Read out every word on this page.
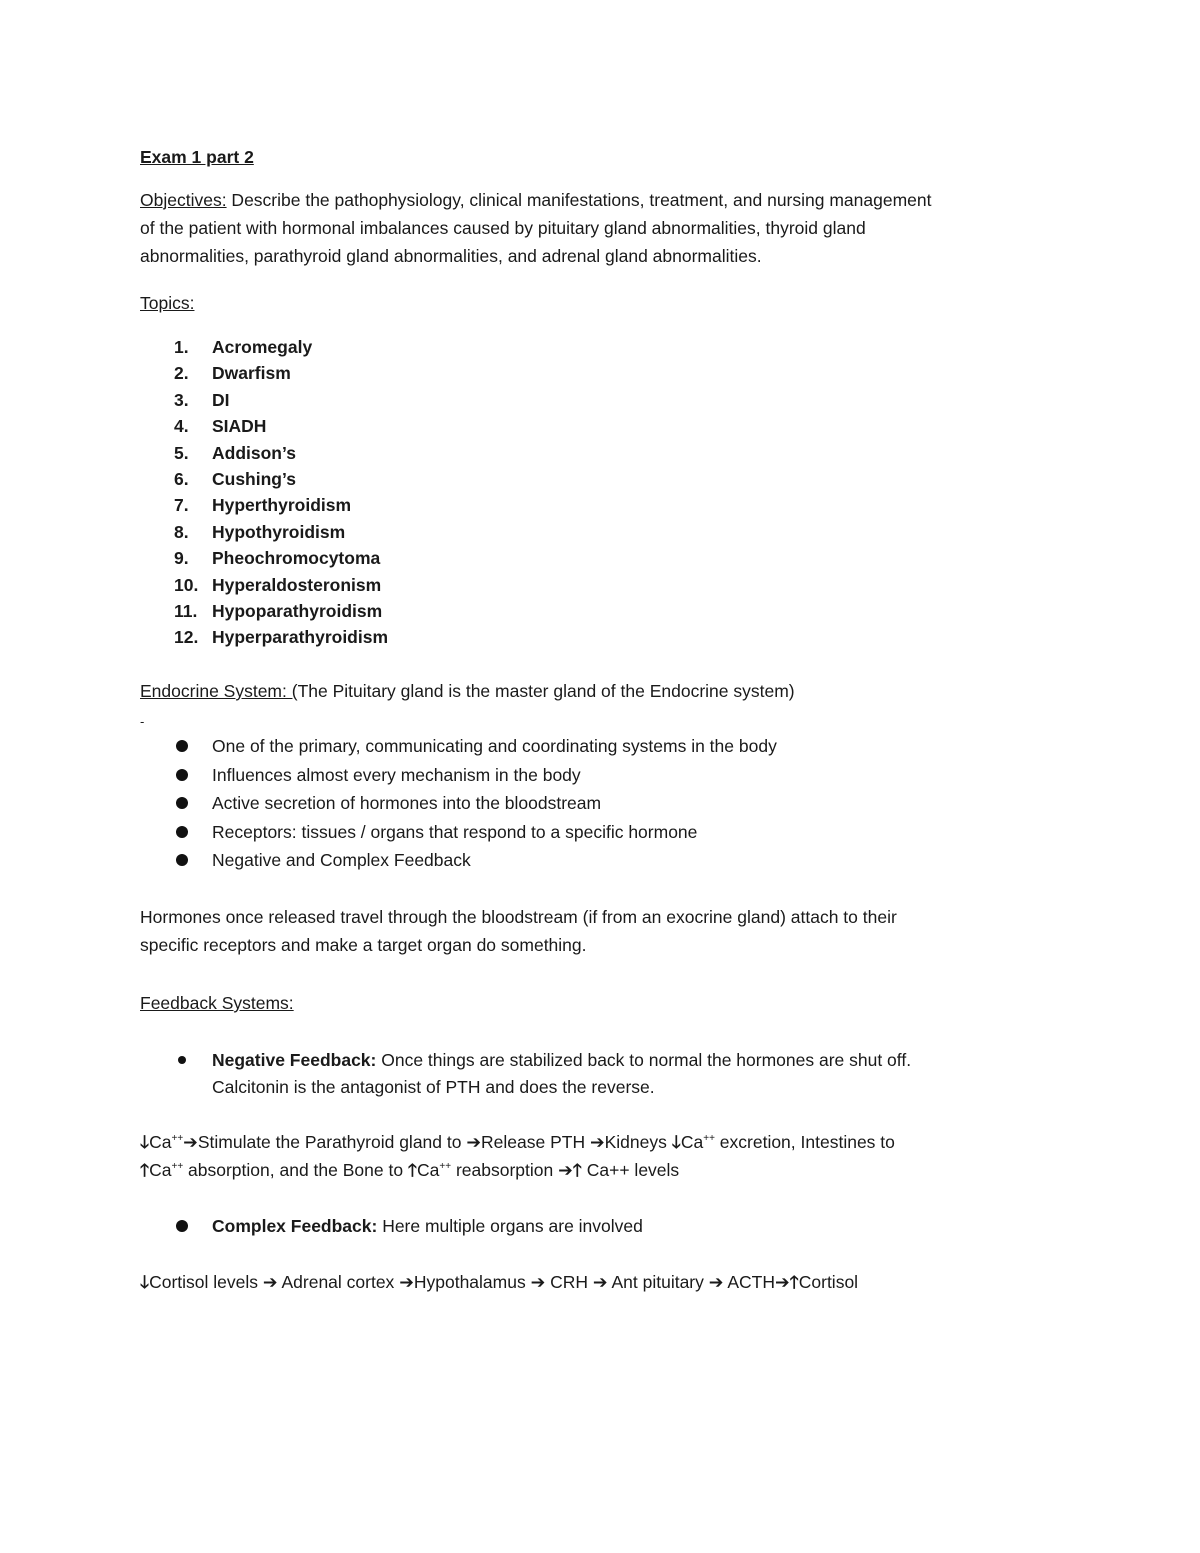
Exam 1 part 2

Objectives: Describe the pathophysiology, clinical manifestations, treatment, and nursing management

of the patient with hormonal imbalances caused by pituitary gland abnormalities, thyroid gland

abnormalities, parathyroid gland abnormalities, and adrenal gland abnormalities.

Topics:

1. Acromegaly
2. Dwarfism
3. DI
4. SIADH
5. Addison’s
6. Cushing’s
7. Hyperthyroidism
8. Hypothyroidism
9. Pheochromocytoma
10. Hyperaldosteronism
11. Hypoparathyroidism
12. Hyperparathyroidism

Endocrine System: (The Pituitary gland is the master gland of the Endocrine system)

-

One of the primary, communicating and coordinating systems in the body
Influences almost every mechanism in the body
Active secretion of hormones into the bloodstream
Receptors: tissues / organs that respond to a specific hormone
Negative and Complex Feedback

Hormones once released travel through the bloodstream (if from an exocrine gland) attach to their

specific receptors and make a target organ do something.

Feedback Systems:

Negative Feedback: Once things are stabilized back to normal the hormones are shut off.
Calcitonin is the antagonist of PTH and does the reverse.

🡓Ca++➔Stimulate the Parathyroid gland to ➔Release PTH ➔Kidneys 🡓Ca++ excretion, Intestines to

🡑Ca++ absorption, and the Bone to 🡑Ca++ reabsorption ➔🡑 Ca++ levels

Complex Feedback: Here multiple organs are involved

🡓Cortisol levels ➔ Adrenal cortex ➔Hypothalamus ➔ CRH ➔ Ant pituitary ➔ ACTH➔🡑Cortisol
